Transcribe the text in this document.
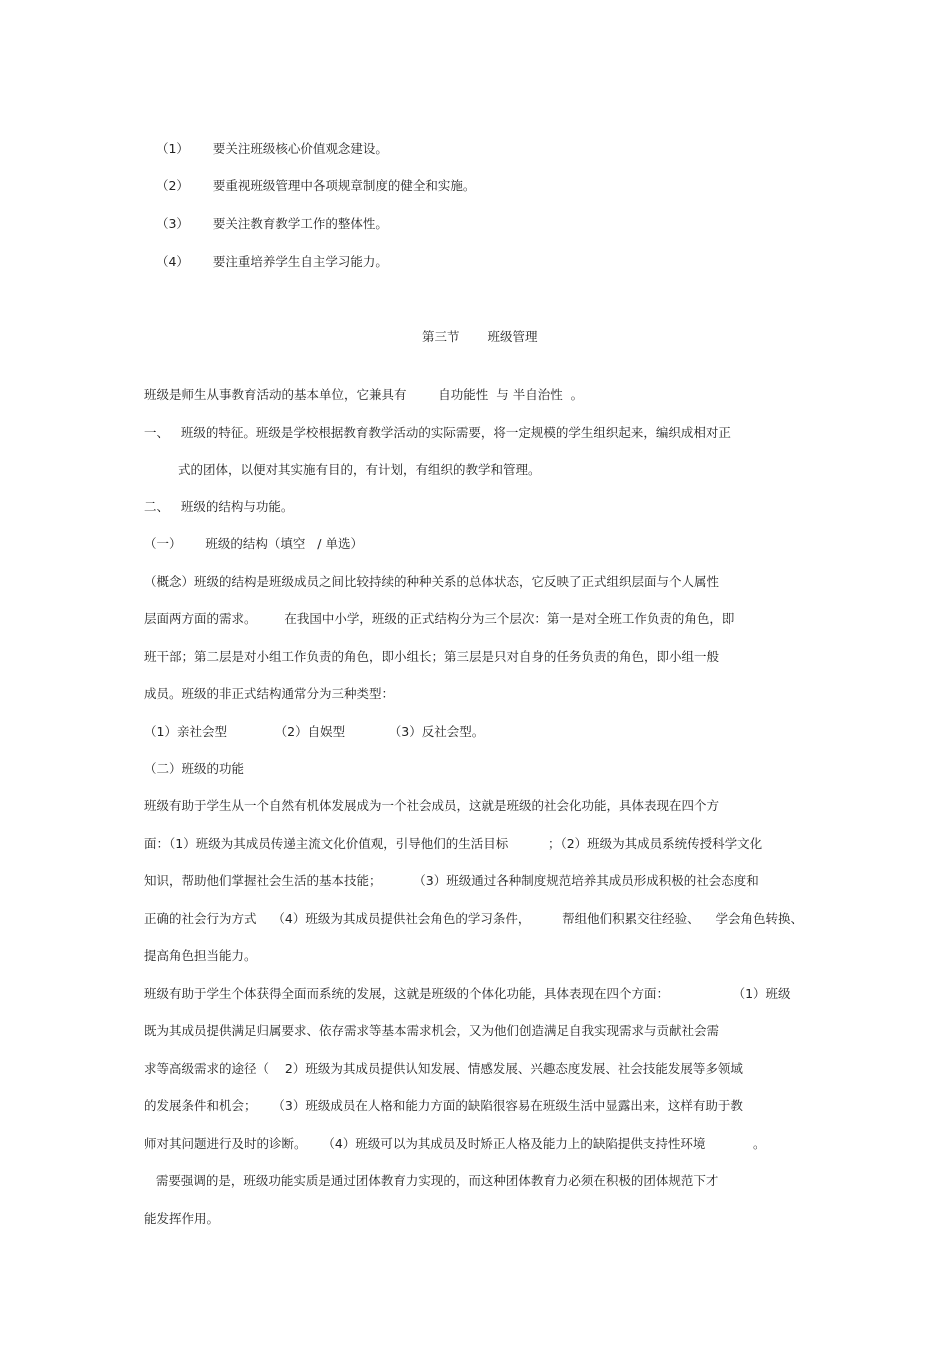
（1） 要关注班级核心价值观念建设。

（2） 要重视班级管理中各项规章制度的健全和实施。

（3） 要关注教育教学工作的整体性。

（4） 要注重培养学生自主学习能力。

第三节 班级管理

班级是师生从事教育活动的基本单位，它兼具有        自功能性  与 半自治性  。

一、   班级的特征。班级是学校根据教育教学活动的实际需要，将一定规模的学生组织起来，编织成相对正

式的团体，以便对其实施有目的，有计划，有组织的教学和管理。

二、   班级的结构与功能。

（一）      班级的结构（填空   / 单选）

（概念）班级的结构是班级成员之间比较持续的种种关系的总体状态，它反映了正式组织层面与个人属性

层面两方面的需求。       在我国中小学，班级的正式结构分为三个层次：第一是对全班工作负责的角色，即

班干部；第二层是对小组工作负责的角色，即小组长；第三层是只对自身的任务负责的角色，即小组一般

成员。班级的非正式结构通常分为三种类型：

（1）亲社会型            （2）自娱型           （3）反社会型。

（二）班级的功能

班级有助于学生从一个自然有机体发展成为一个社会成员，这就是班级的社会化功能，具体表现在四个方

面：（1）班级为其成员传递主流文化价值观，引导他们的生活目标          ；（2）班级为其成员系统传授科学文化

知识，帮助他们掌握社会生活的基本技能；        （3）班级通过各种制度规范培养其成员形成积极的社会态度和

正确的社会行为方式    （4）班级为其成员提供社会角色的学习条件，        帮组他们积累交往经验、    学会角色转换、

提高角色担当能力。

班级有助于学生个体获得全面而系统的发展，这就是班级的个体化功能，具体表现在四个方面：                （1）班级

既为其成员提供满足归属要求、依存需求等基本需求机会，又为他们创造满足自我实现需求与贡献社会需

求等高级需求的途径（    2）班级为其成员提供认知发展、情感发展、兴趣态度发展、社会技能发展等多领域

的发展条件和机会；    （3）班级成员在人格和能力方面的缺陷很容易在班级生活中显露出来，这样有助于教

师对其问题进行及时的诊断。    （4）班级可以为其成员及时矫正人格及能力上的缺陷提供支持性环境            。

需要强调的是，班级功能实质是通过团体教育力实现的，而这种团体教育力必须在积极的团体规范下才

能发挥作用。
